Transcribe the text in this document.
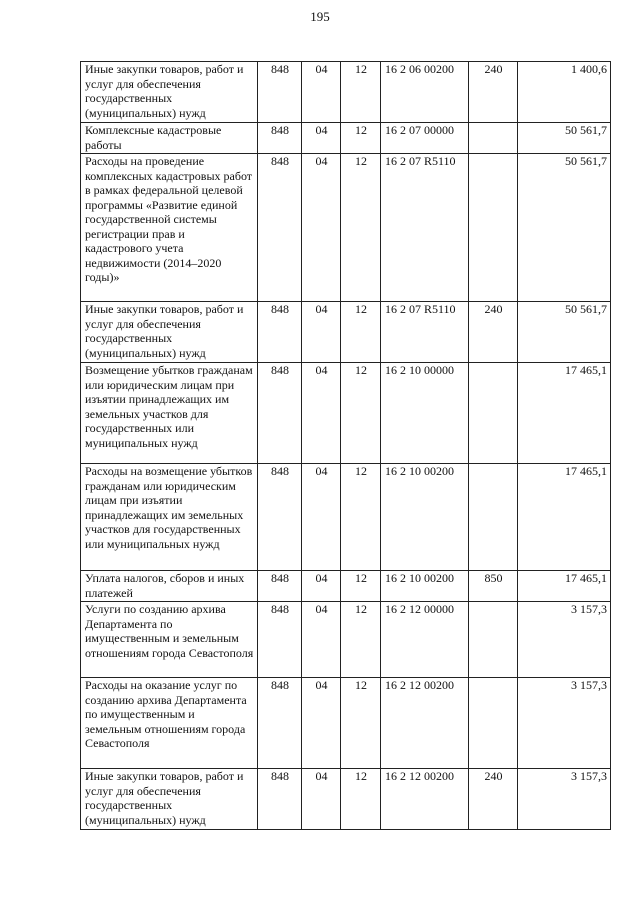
195
Иные закупки товаров, работ и услуг для обеспечения государственных (муниципальных) нужд	848	04	12	16 2 06 00200	240	1 400,6
Комплексные кадастровые работы	848	04	12	16 2 07 00000		50 561,7
Расходы на проведение комплексных кадастровых работ в рамках федеральной целевой программы «Развитие единой государственной системы регистрации прав и кадастрового учета недвижимости (2014–2020 годы)»	848	04	12	16 2 07 R5110		50 561,7
Иные закупки товаров, работ и услуг для обеспечения государственных (муниципальных) нужд	848	04	12	16 2 07 R5110	240	50 561,7
Возмещение убытков гражданам или юридическим лицам при изъятии принадлежащих им земельных участков для государственных или муниципальных нужд	848	04	12	16 2 10 00000		17 465,1
Расходы на возмещение убытков гражданам или юридическим лицам при изъятии принадлежащих им земельных участков для государственных или муниципальных нужд	848	04	12	16 2 10 00200		17 465,1
Уплата налогов, сборов и иных платежей	848	04	12	16 2 10 00200	850	17 465,1
Услуги по созданию архива Департамента по имущественным и земельным отношениям города Севастополя	848	04	12	16 2 12 00000		3 157,3
Расходы на оказание услуг по созданию архива Департамента по имущественным и земельным отношениям города Севастополя	848	04	12	16 2 12 00200		3 157,3
Иные закупки товаров, работ и услуг для обеспечения государственных (муниципальных) нужд	848	04	12	16 2 12 00200	240	3 157,3
